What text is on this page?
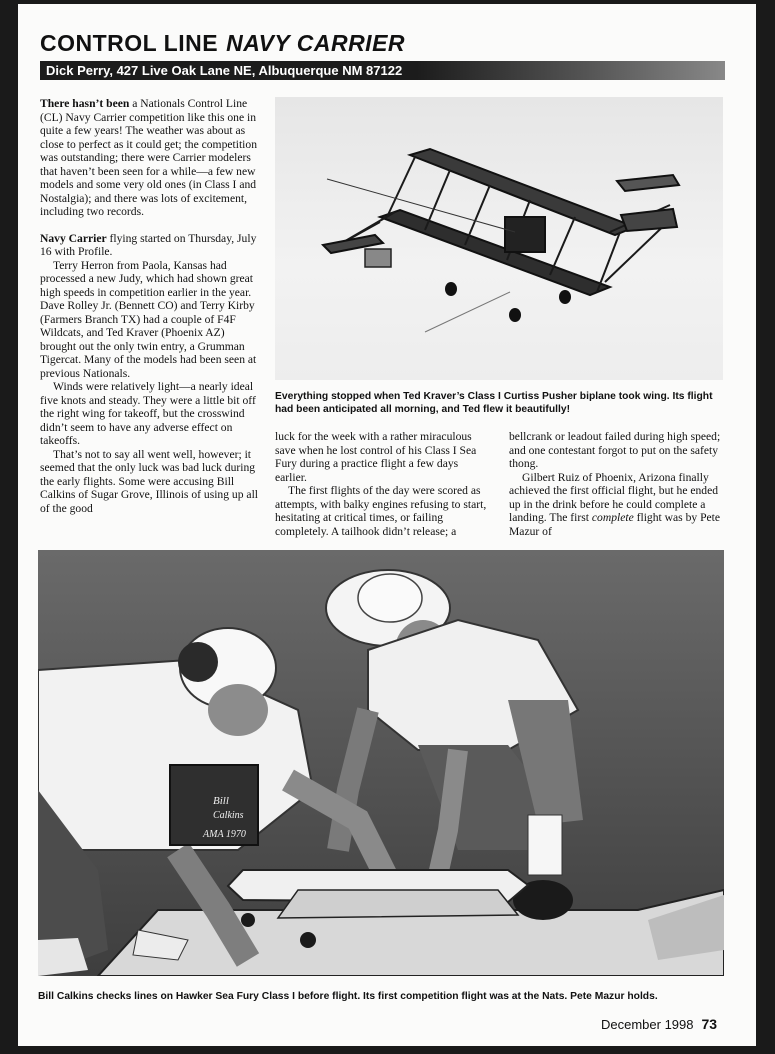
CONTROL LINE NAVY CARRIER
Dick Perry, 427 Live Oak Lane NE, Albuquerque NM 87122

There hasn’t been a Nationals Control Line (CL) Navy Carrier competition like this one in quite a few years! The weather was about as close to perfect as it could get; the competition was outstanding; there were Carrier modelers that haven’t been seen for a while—a few new models and some very old ones (in Class I and Nostalgia); and there was lots of excitement, including two records.

Navy Carrier flying started on Thursday, July 16 with Profile.

Terry Herron from Paola, Kansas had processed a new Judy, which had shown great high speeds in competition earlier in the year. Dave Rolley Jr. (Bennett CO) and Terry Kirby (Farmers Branch TX) had a couple of F4F Wildcats, and Ted Kraver (Phoenix AZ) brought out the only twin entry, a Grumman Tigercat. Many of the models had been seen at previous Nationals.

Winds were relatively light—a nearly ideal five knots and steady. They were a little bit off the right wing for takeoff, but the crosswind didn’t seem to have any adverse effect on takeoffs.

That’s not to say all went well, however; it seemed that the only luck was bad luck during the early flights. Some were accusing Bill Calkins of Sugar Grove, Illinois of using up all of the good

Everything stopped when Ted Kraver’s Class I Curtiss Pusher biplane took wing. Its flight had been anticipated all morning, and Ted flew it beautifully!

luck for the week with a rather miraculous save when he lost control of his Class I Sea Fury during a practice flight a few days earlier.

The first flights of the day were scored as attempts, with balky engines refusing to start, hesitating at critical times, or failing completely. A tailhook didn’t release; a

bellcrank or leadout failed during high speed; and one contestant forgot to put on the safety thong.

Gilbert Ruiz of Phoenix, Arizona finally achieved the first official flight, but he ended up in the drink before he could complete a landing. The first complete flight was by Pete Mazur of

Bill
Calkins
AMA 1970
Bill Calkins checks lines on Hawker Sea Fury Class I before flight. Its first competition flight was at the Nats. Pete Mazur holds.
December 1998 73
